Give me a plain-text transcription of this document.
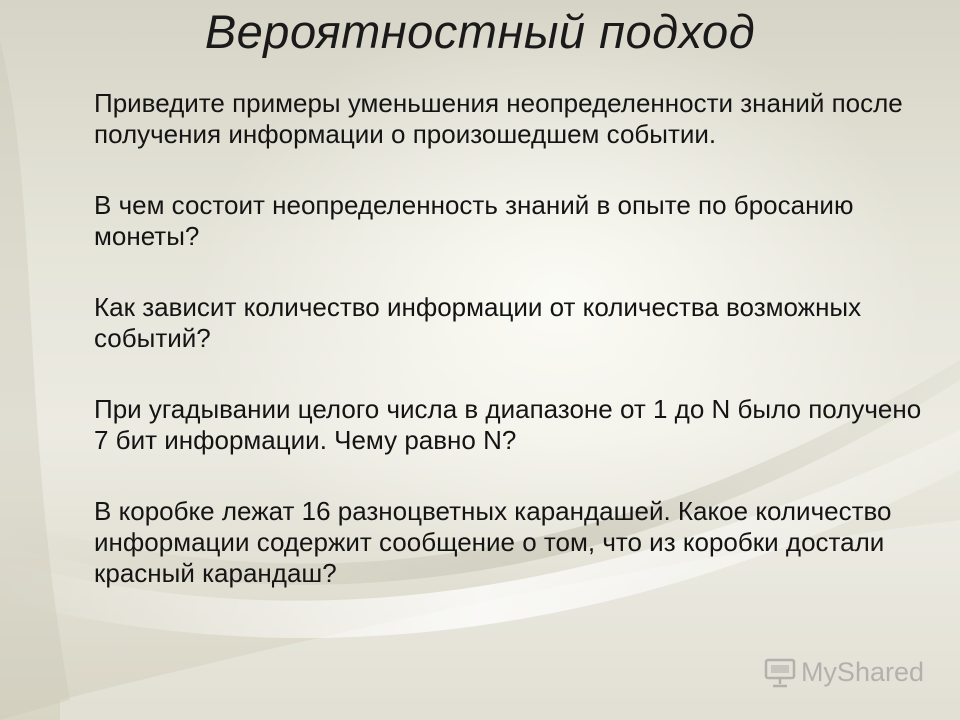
Вероятностный подход
Приведите примеры уменьшения неопределенности знаний после получения информации о произошедшем событии.
В чем состоит неопределенность знаний в опыте по бросанию монеты?
Как зависит количество информации от количества возможных событий?
При угадывании целого числа в диапазоне от 1 до N было получено 7 бит информации. Чему равно N?
В коробке лежат 16 разноцветных карандашей. Какое количество информации содержит сообщение о том, что из коробки достали красный карандаш?
MyShared
